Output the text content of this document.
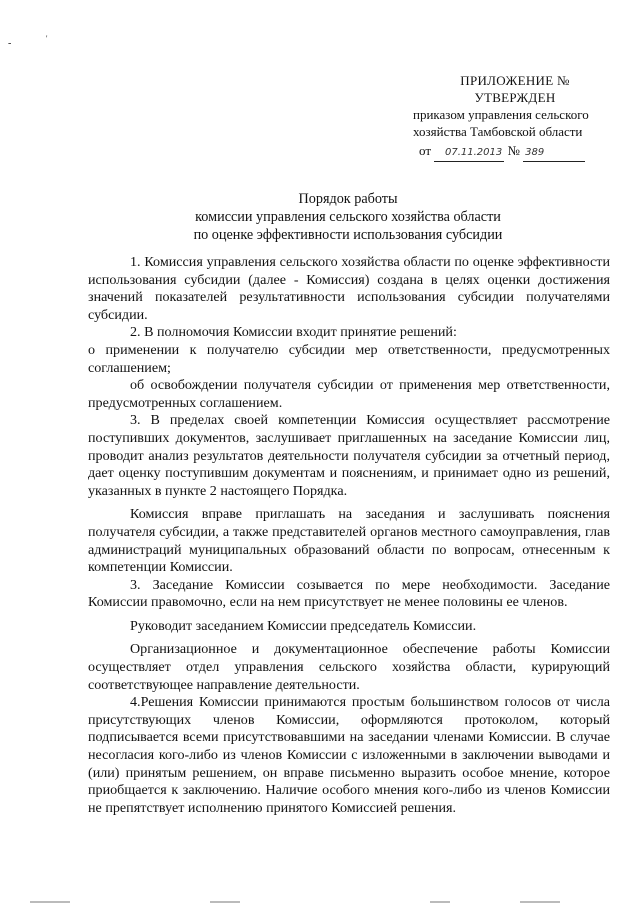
-	'
ПРИЛОЖЕНИЕ №
УТВЕРЖДЕН
приказом управления сельского
хозяйства Тамбовской области
от 07.11.2013 № 389
Порядок работы
комиссии управления сельского хозяйства области
по оценке эффективности использования субсидии

1. Комиссия управления сельского хозяйства области по оценке эффективности использования субсидии (далее - Комиссия) создана в целях оценки достижения значений показателей результативности использования субсидии получателями субсидии.

2. В полномочия Комиссии входит принятие решений:

о применении к получателю субсидии мер ответственности, предусмотренных соглашением;

об освобождении получателя субсидии от применения мер ответственности, предусмотренных соглашением.

3. В пределах своей компетенции Комиссия осуществляет рассмотрение поступивших документов, заслушивает приглашенных на заседание Комиссии лиц, проводит анализ результатов деятельности получателя субсидии за отчетный период, дает оценку поступившим документам и пояснениям, и принимает одно из решений, указанных в пункте 2 настоящего Порядка.

Комиссия вправе приглашать на заседания и заслушивать пояснения получателя субсидии, а также представителей органов местного самоуправления, глав администраций муниципальных образований области по вопросам, отнесенным к компетенции Комиссии.

3. Заседание Комиссии созывается по мере необходимости. Заседание Комиссии правомочно, если на нем присутствует не менее половины ее членов.

Руководит заседанием Комиссии председатель Комиссии.

Организационное и документационное обеспечение работы Комиссии осуществляет отдел управления сельского хозяйства области, курирующий соответствующее направление деятельности.

4.Решения Комиссии принимаются простым большинством голосов от числа присутствующих членов Комиссии, оформляются протоколом, который подписывается всеми присутствовавшими на заседании членами Комиссии. В случае несогласия кого-либо из членов Комиссии с изложенными в заключении выводами и (или) принятым решением, он вправе письменно выразить особое мнение, которое приобщается к заключению. Наличие особого мнения кого-либо из членов Комиссии не препятствует исполнению принятого Комиссией решения.
